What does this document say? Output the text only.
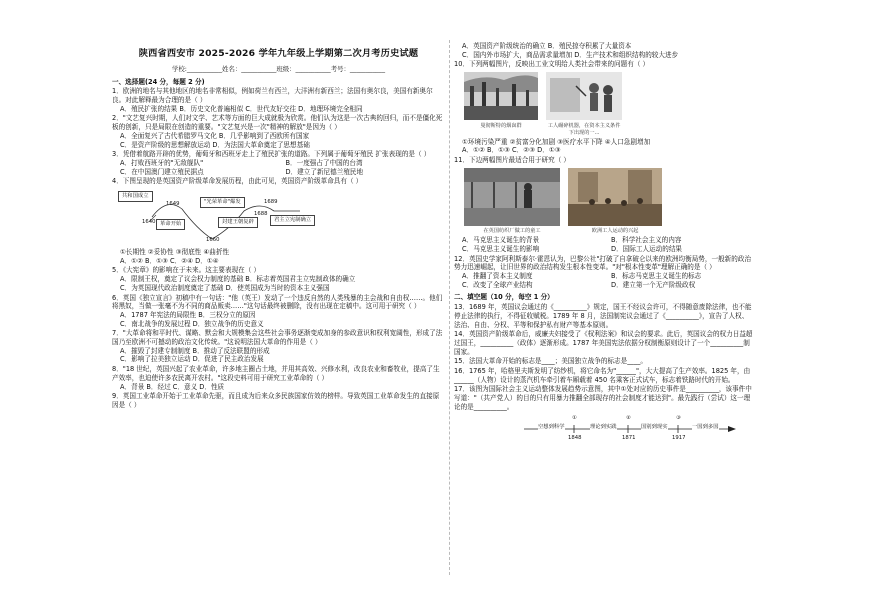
陕西省西安市 2025-2026 学年九年级上学期第二次月考历史试题
学校:___________姓名：___________班级：___________考号：___________
一、选择题(24 分，每题 2 分)

1．欧洲的地名与其他地区的地名非常相似，例如荷兰有西兰，大洋洲有新西兰；法国有奥尔良，美国有新奥尔良。对此解释最为合理的是（ ）

A．殖民扩张的结果 B．历史文化普遍相似 C．世代友好交往 D．地理环境完全相同

2．"文艺复兴时期，人们对文学、艺术等方面的巨大成就极为欣赏。他们认为这是一次古典的回归，而不是僵化死板的创新，只是局限在创造的重要。"文艺复兴是一次"精神的解放"是因为（ ）

A．全面复兴了古代希腊罗马文化 B．几乎影响到了西欧所有国家

C．是资产阶级的思想解放运动 D．为法国大革命奠定了思想基础

3．凭借着航路开辟的优势，葡萄牙和西班牙走上了殖民扩张的道路。下列属于葡萄牙殖民 扩张表现的是（ ）

A．打败西班牙的"无敌舰队"	B．一度强占了中国的台湾
C．在中国澳门建立殖民据点	D．建立了新尼德兰殖民地

4．下图呈现的是英国资产阶级革命发展历程，由此可见，英国资产阶级革命具有（ ）

共和国成立
革命开始
"光荣革命"爆发
封建王朝复辟	君主立宪制确立
1649
1640
1688
1689
1660

①长期性 ②妥协性 ③彻底性 ④曲折性

A．①② B．①③ C．②④ D．①④

5．《大宪章》的影响在于未来。这主要表现在（ ）

A．限制王权，奠定了议会权力制度的基础 B．标志着英国君主立宪制政体的确立

C．为英国现代政治制度奠定了基础 D．使英国成为当时的资本主义强国

6．英国《独立宣言》初稿中有一句话："他（英王）发动了一个违反自然的人类残暴的主会战和自由权……。他们将黑奴，当做一张毫不为不同的商品贩卖……"这句话最终被删除，没有出现在定稿中。这可用于研究（ ）

A．1787 年宪法的局限性 B．三权分立的原因

C．南北战争的发展过程 D．独立战争的历史意义

7．"大革命将和平时代、谋略、默会和大规模集会这些社会事务逐渐变成加身的参政意识和权利宽阔性，形成了法国乃至欧洲不可撼动的政治文化传统。"这说明法国大革命的作用是（ ）

A．摧毁了封建专制制度 B．推动了反法联盟的形成

C．影响了拉美独立运动 D．促进了民主政治发展

8．"18 世纪，英国兴起了农业革命，许多地主圈占土地，并用其高效、兴修水利，改良农业和畜牧业，提高了生产效率，也迫使许多农民离开农村。"这段史料可用于研究工业革命的（ ）

A．背景 B．经过 C．意义 D．性质

9．英国工业革命开始于工业革命先驱，而且成为后来众多民族国家仿效的榜样。导致英国工业革命发生的直接原因是（ ）

A．英国资产阶级统治的确立 B．殖民掠夺积累了大量资本

C．国内外市场扩大，商品需求量增加 D．生产技术和组织结构的较大进步

10．下列两幅图片，反映出工业文明给人类社会带来的问题有（ ）

曼彻斯特的烟囱群
	工人碾碎机器，在资本主义条件下出现的一...

①环境污染严重 ②贫富分化加剧 ③医疗水平下降 ④人口急剧增加

A．①② B．①③ C．②③ D．①③

11．下边两幅图片最适合用于研究（ ）

在英国纺织厂做工的童工
	欧洲工人运动的兴起
A．马克思主义诞生的背景	B．科学社会主义的内容
C．马克思主义诞生的影响	D．国际工人运动的结果

12．英国史学家阿利斯泰尔·霍恩认为，巴黎公社"打破了自拿破仑以来的欧洲均衡局势，一般新的政治势力迅速崛起，让旧世界的政治结构发生根本性变革。"对"根本性变革"理解正确的是（ ）

A．推翻了资本主义制度	B．标志马克思主义诞生的标志
C．改变了全球产业结构	D．建立第一个无产阶级政权
二、填空题（10 分，每空 1 分）

13．1689 年，英国议会通过的《__________》规定，国王不经议会许可，不得随意废除法律，也不能停止法律的执行，不得征收赋税。1789 年 8 月，法国制宪议会通过了《__________》，宣告了人权、法治、自由、分权、平等和保护私有财产等基本原则。

14．英国资产阶级革命后，威廉夫妇接受了《权利法案》和议会的要求。此后，英国议会的权力日益超过国王，__________（政体）逐渐形成。1787 年美国宪法依据分权制衡原则设计了一个__________制国家。

15．法国大革命开始的标志是____；美国独立战争的标志是____。

16．1765 年，哈格里夫斯发明了纺纱机，将它命名为"______"，大大提高了生产效率。1825 年，由______（人物）设计的蒸汽机车牵引着车厢载着 450 名乘客正式试车，标志着铁路时代的开始。

17．该图为国际社会主义运动整体发展趋势示意图，其中①处对应的历史事件是__________，该事件中写道："（共产党人）的目的只有用暴力推翻全部现存的社会制度才能达到"。最先践行（尝试）这一理论的是__________。

①	②	③
空想到科学	理论到实践	国别到现实	一国到多国
1848	1871	1917
